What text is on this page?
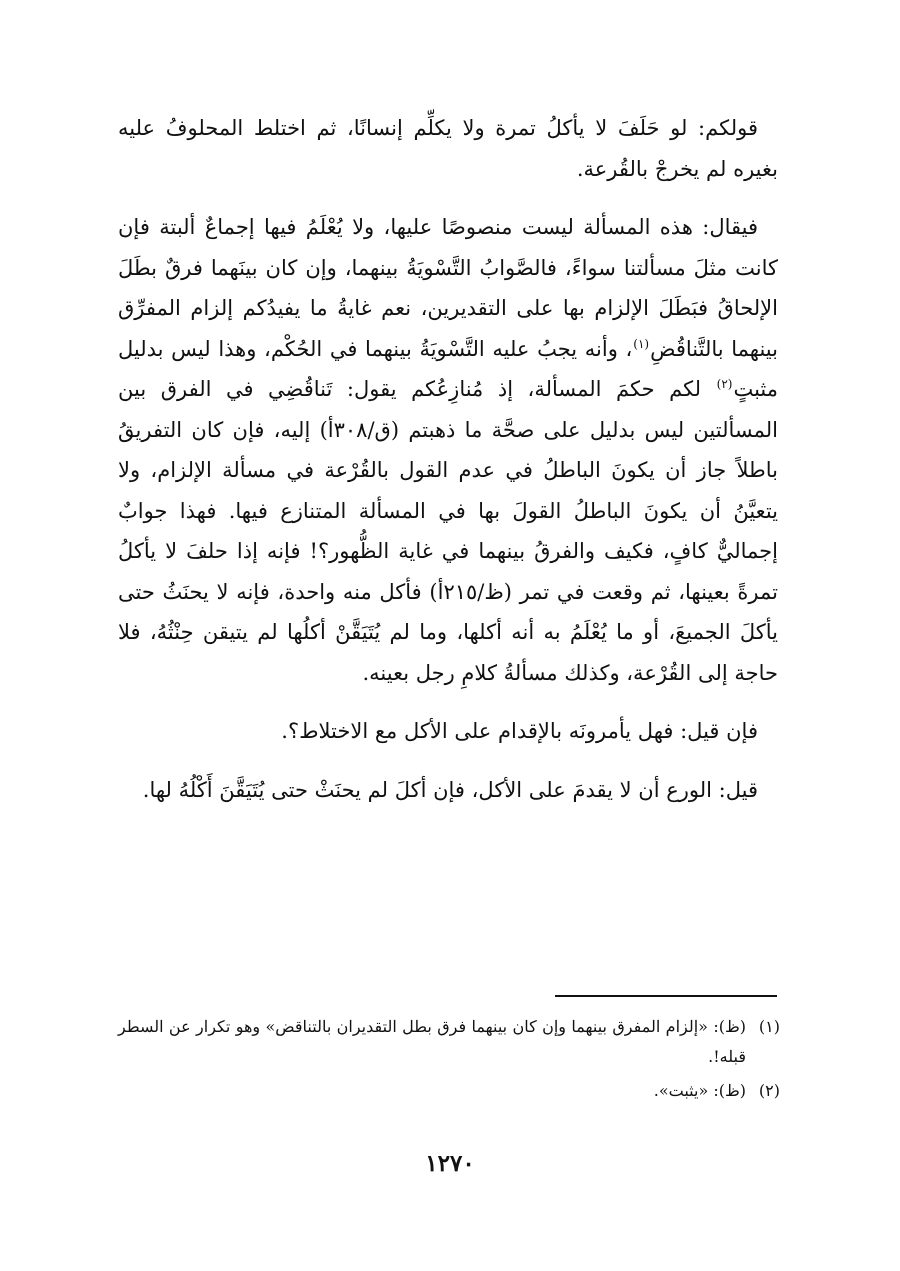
قولكم: لو حَلَفَ لا يأكلُ تمرة ولا يكلِّم إنسانًا، ثم اختلط المحلوفُ عليه بغيره لم يخرجْ بالقُرعة.

فيقال: هذه المسألة ليست منصوصًا عليها، ولا يُعْلَمُ فيها إجماعٌ ألبتة فإن كانت مثلَ مسألتنا سواءً، فالصَّوابُ التَّسْويَةُ بينهما، وإن كان بينَهما فرقٌ بطَلَ الإلحاقُ فبَطَلَ الإلزام بها على التقديرين، نعم غايةُ ما يفيدُكم إلزام المفرِّق بينهما بالتَّناقُضِ$^{(١)}$، وأنه يجبُ عليه التَّسْويَةُ بينهما في الحُكْم، وهذا ليس بدليل مثبتٍ$^{(٢)}$ لكم حكمَ المسألة، إذ مُنازِعُكم يقول: تَناقُضِي في الفرق بين المسألتين ليس بدليل على صحَّة ما ذهبتم (ق/٣٠٨أ) إليه، فإن كان التفريقُ باطلاً جاز أن يكونَ الباطلُ في عدم القول بالقُرْعة في مسألة الإلزام، ولا يتعيَّنُ أن يكونَ الباطلُ القولَ بها في المسألة المتنازع فيها. فهذا جوابٌ إجماليٌّ كافٍ، فكيف والفرقُ بينهما في غاية الظُّهور؟! فإنه إذا حلفَ لا يأكلُ تمرةً بعينها، ثم وقعت في تمر (ظ/٢١٥أ) فأكل منه واحدة، فإنه لا يحنَثُ حتى يأكلَ الجميعَ، أو ما يُعْلَمُ به أنه أكلها، وما لم يُتَيَقَّنْ أكلُها لم يتيقن حِنْثُهُ، فلا حاجة إلى القُرْعة، وكذلك مسألةُ كلامِ رجل بعينه.

فإن قيل: فهل يأمرونَه بالإقدام على الأكل مع الاختلاط؟.

قيل: الورع أن لا يقدمَ على الأكل، فإن أكلَ لم يحنَثْ حتى يُتَيَقَّنَ أَكْلُهُ لها.

(١)
(ظ): «إلزام المفرق بينهما وإن كان بينهما فرق بطل التقديران بالتناقض» وهو تكرار عن السطر قبله!.

(٢)
(ظ): «يثبت».

١٢٧٠
